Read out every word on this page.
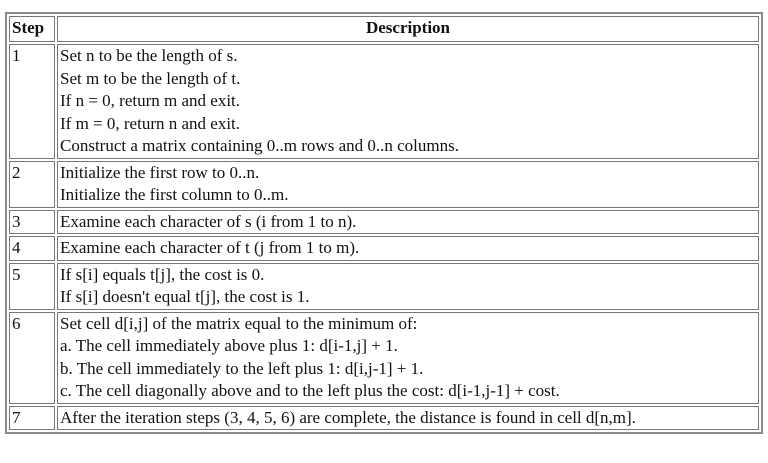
Step	Description
1	Set n to be the length of s.
Set m to be the length of t.
If n = 0, return m and exit.
If m = 0, return n and exit.
Construct a matrix containing 0..m rows and 0..n columns.

2	Initialize the first row to 0..n.
Initialize the first column to 0..m.

3	Examine each character of s (i from 1 to n).

4	Examine each character of t (j from 1 to m).

5	If s[i] equals t[j], the cost is 0.
If s[i] doesn't equal t[j], the cost is 1.

6	Set cell d[i,j] of the matrix equal to the minimum of:
a. The cell immediately above plus 1: d[i-1,j] + 1.
b. The cell immediately to the left plus 1: d[i,j-1] + 1.
c. The cell diagonally above and to the left plus the cost: d[i-1,j-1] + cost.

7	After the iteration steps (3, 4, 5, 6) are complete, the distance is found in cell d[n,m].
